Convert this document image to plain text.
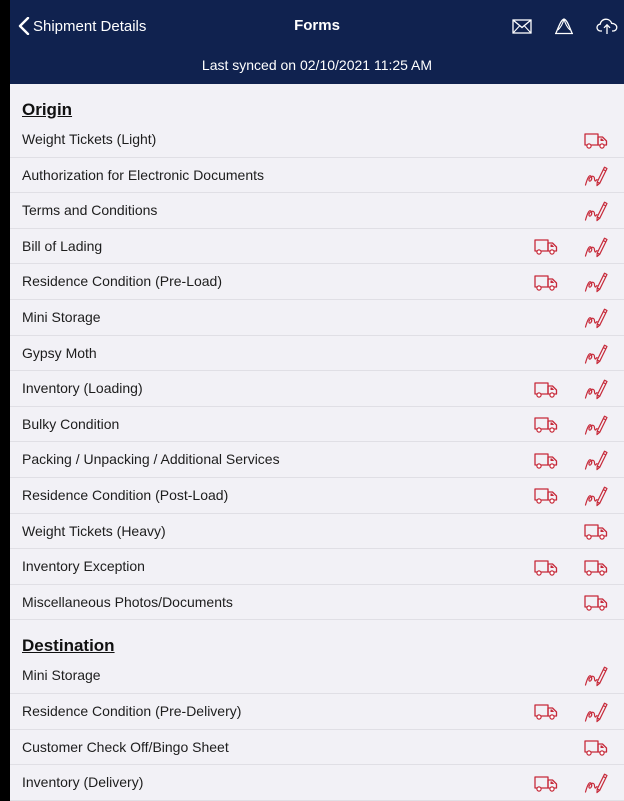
Shipment Details	Forms
Last synced on 02/10/2021 11:25 AM
Origin
Weight Tickets (Light)
Authorization for Electronic Documents
Terms and Conditions
Bill of Lading
Residence Condition (Pre-Load)
Mini Storage
Gypsy Moth
Inventory (Loading)
Bulky Condition
Packing / Unpacking / Additional Services
Residence Condition (Post-Load)
Weight Tickets (Heavy)
Inventory Exception
Miscellaneous Photos/Documents
Destination
Mini Storage
Residence Condition (Pre-Delivery)
Customer Check Off/Bingo Sheet
Inventory (Delivery)
